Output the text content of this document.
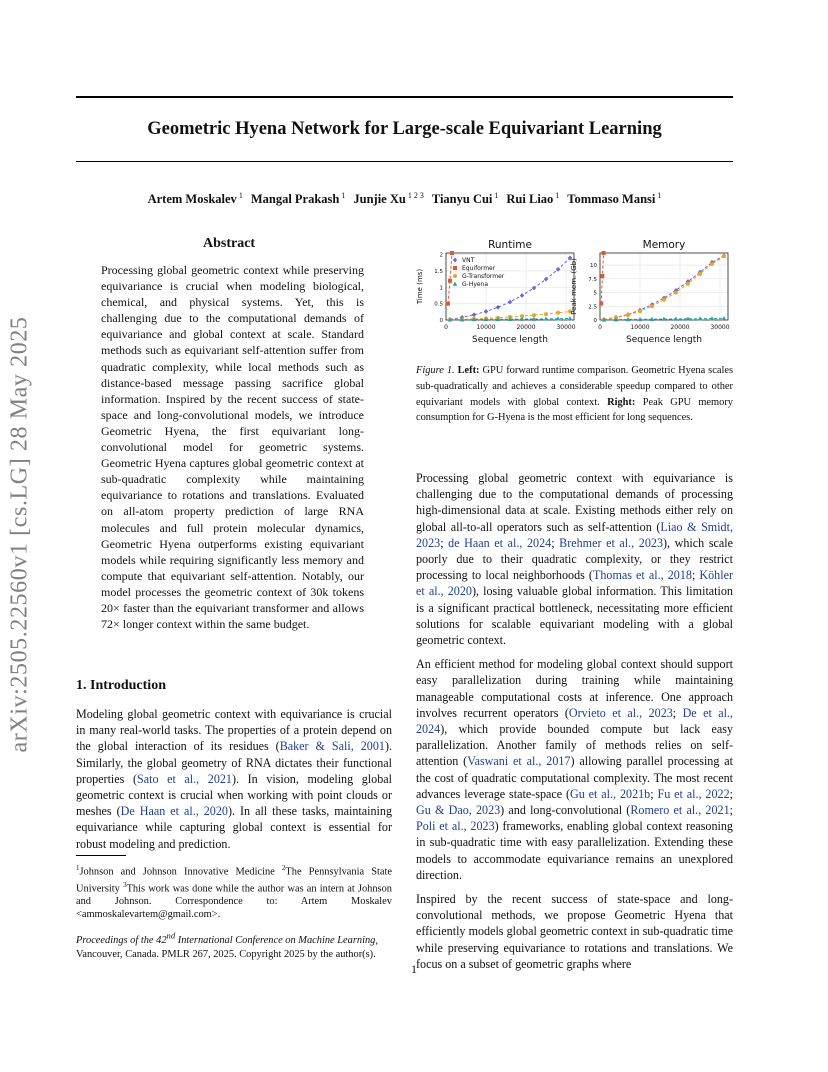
Geometric Hyena Network for Large-scale Equivariant Learning
Artem Moskalev $^1$ Mangal Prakash $^1$ Junjie Xu $^{1 2 3}$ Tianyu Cui $^1$ Rui Liao $^1$ Tommaso Mansi $^1$
arXiv:2505.22560v1 [cs.LG] 28 May 2025
Abstract
Processing global geometric context while preserving equivariance is crucial when modeling biological, chemical, and physical systems. Yet, this is challenging due to the computational demands of equivariance and global context at scale. Standard methods such as equivariant self-attention suffer from quadratic complexity, while local methods such as distance-based message passing sacrifice global information. Inspired by the recent success of state-space and long-convolutional models, we introduce Geometric Hyena, the first equivariant long-convolutional model for geometric systems. Geometric Hyena captures global geometric context at sub-quadratic complexity while maintaining equivariance to rotations and translations. Evaluated on all-atom property prediction of large RNA molecules and full protein molecular dynamics, Geometric Hyena outperforms existing equivariant models while requiring significantly less memory and compute that equivariant self-attention. Notably, our model processes the geometric context of 30k tokens 20× faster than the equivariant transformer and allows 72× longer context within the same budget.
1. Introduction

Modeling global geometric context with equivariance is crucial in many real-world tasks. The properties of a protein depend on the global interaction of its residues (Baker & Sali, 2001). Similarly, the global geometry of RNA dictates their functional properties (Sato et al., 2021). In vision, modeling global geometric context is crucial when working with point clouds or meshes (De Haan et al., 2020). In all these tasks, maintaining equivariance while capturing global context is essential for robust modeling and prediction.

$^1$Johnson and Johnson Innovative Medicine $^2$The Pennsylvania State University $^3$This work was done while the author was an intern at Johnson and Johnson. Correspondence to: Artem Moskalev <ammoskalevartem@gmail.com>.
Proceedings of the 42nd International Conference on Machine Learning, Vancouver, Canada. PMLR 267, 2025. Copyright 2025 by the author(s).
Runtime
Sequence length
Time (ms)
0	10000	20000	30000
0
0.5
1
1.5
2
Memory
Sequence length
Peak mem. (Gb)
0	10000	20000	30000
0
2.5
5
7.5
10
VNT
Equiformer
G-Transformer
G-Hyena
Figure 1. Left: GPU forward runtime comparison. Geometric Hyena scales sub-quadratically and achieves a considerable speedup compared to other equivariant models with global context. Right: Peak GPU memory consumption for G-Hyena is the most efficient for long sequences.

Processing global geometric context with equivariance is challenging due to the computational demands of processing high-dimensional data at scale. Existing methods either rely on global all-to-all operators such as self-attention (Liao & Smidt, 2023; de Haan et al., 2024; Brehmer et al., 2023), which scale poorly due to their quadratic complexity, or they restrict processing to local neighborhoods (Thomas et al., 2018; Köhler et al., 2020), losing valuable global information. This limitation is a significant practical bottleneck, necessitating more efficient solutions for scalable equivariant modeling with a global geometric context.

An efficient method for modeling global context should support easy parallelization during training while maintaining manageable computational costs at inference. One approach involves recurrent operators (Orvieto et al., 2023; De et al., 2024), which provide bounded compute but lack easy parallelization. Another family of methods relies on self-attention (Vaswani et al., 2017) allowing parallel processing at the cost of quadratic computational complexity. The most recent advances leverage state-space (Gu et al., 2021b; Fu et al., 2022; Gu & Dao, 2023) and long-convolutional (Romero et al., 2021; Poli et al., 2023) frameworks, enabling global context reasoning in sub-quadratic time with easy parallelization. Extending these models to accommodate equivariance remains an unexplored direction.

Inspired by the recent success of state-space and long-convolutional methods, we propose Geometric Hyena that efficiently models global geometric context in sub-quadratic time while preserving equivariance to rotations and translations. We focus on a subset of geometric graphs where

1
